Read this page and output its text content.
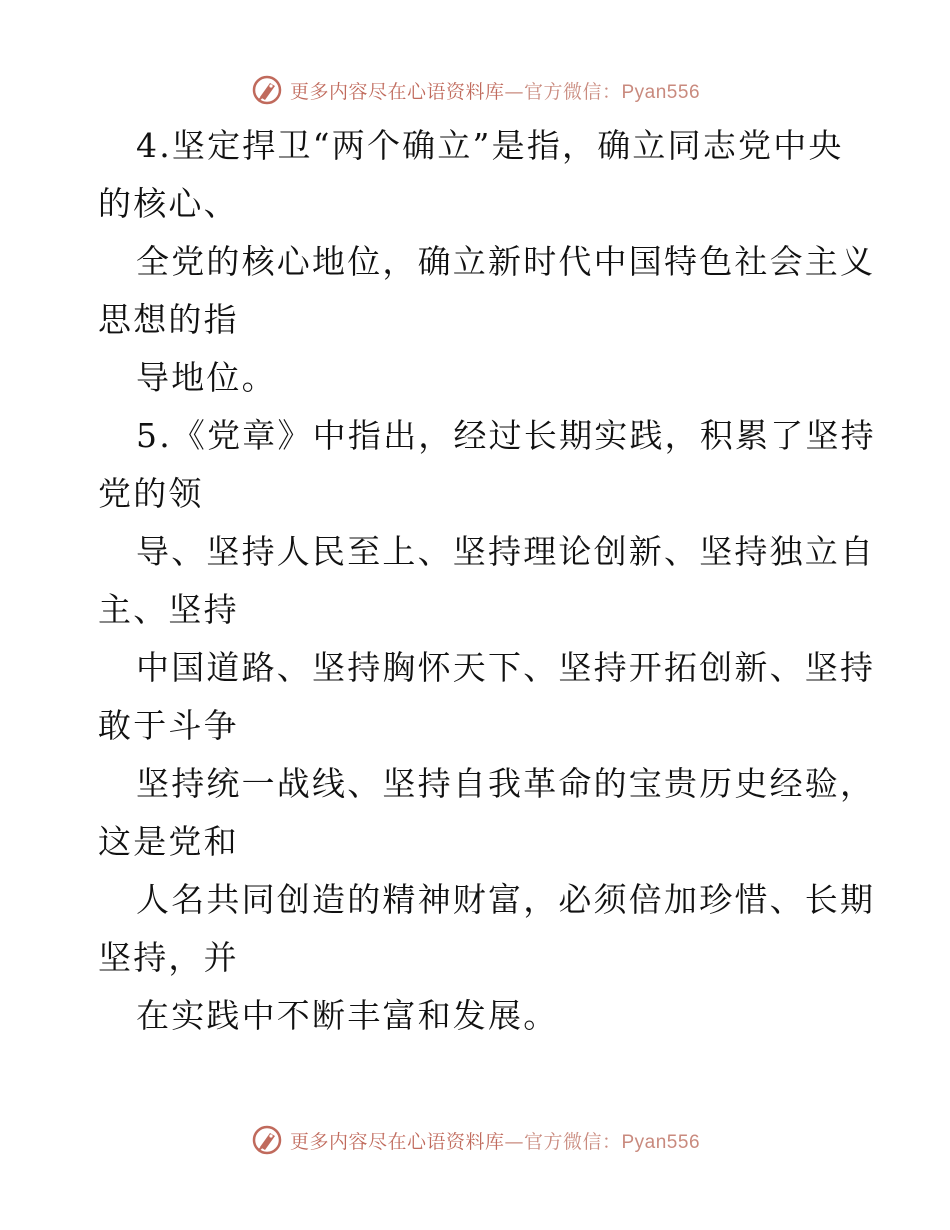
更多内容尽在心语资料库—官方微信：Pyan556
4.坚定捍卫“两个确立”是指，确立同志党中央
的核心、
全党的核心地位，确立新时代中国特色社会主义
思想的指
导地位。
5.《党章》中指出，经过长期实践，积累了坚持
党的领
导、坚持人民至上、坚持理论创新、坚持独立自
主、坚持
中国道路、坚持胸怀天下、坚持开拓创新、坚持
敢于斗争
坚持统一战线、坚持自我革命的宝贵历史经验，
这是党和
人名共同创造的精神财富，必须倍加珍惜、长期
坚持，并
在实践中不断丰富和发展。
更多内容尽在心语资料库—官方微信：Pyan556
